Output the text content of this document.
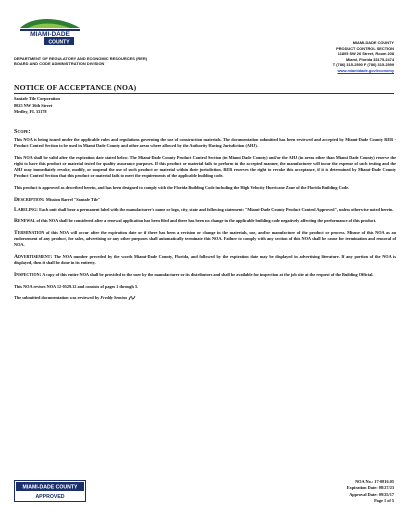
MIAMI-DADE
COUNTY
DEPARTMENT OF REGULATORY AND ECONOMIC RESOURCES (RER)
BOARD AND CODE ADMINISTRATION DIVISION
MIAMI-DADE COUNTY
PRODUCT CONTROL SECTION
11805 SW 26 Street, Room 208
Miami, Florida 33175-2474
T (786) 315-2590 F (786) 315-2599
www.miamidade.gov/economy
NOTICE OF ACCEPTANCE (NOA)
Santafe Tile Corporation
8025 NW 36th Street
Medley, FL 33178
Scope:

This NOA is being issued under the applicable rules and regulations governing the use of construction materials. The documentation submitted has been reviewed and accepted by Miami-Dade County RER - Product Control Section to be used in Miami Dade County and other areas where allowed by the Authority Having Jurisdiction (AHJ).

This NOA shall be valid after the expiration date stated below. The Miami-Dade County Product Control Section (in Miami Dade County) and/or the AHJ (in areas other than Miami Dade County) reserve the right to have this product or material tested for quality assurance purposes. If this product or material fails to perform in the accepted manner, the manufacturer will incur the expense of such testing and the AHJ may immediately revoke, modify, or suspend the use of such product or material within their jurisdiction. RER reserves the right to revoke this acceptance, if it is determined by Miami-Dade County Product Control Section that this product or material fails to meet the requirements of the applicable building code.

This product is approved as described herein, and has been designed to comply with the Florida Building Code including the High Velocity Hurricane Zone of the Florida Building Code.

Description: Mission Barrel "Santafe Tile"

Labeling: Each unit shall bear a permanent label with the manufacturer's name or logo, city, state and following statement: "Miami-Dade County Product Control Approved", unless otherwise noted herein.

Renewal of this NOA shall be considered after a renewal application has been filed and there has been no change in the applicable building code negatively affecting the performance of this product.

Termination of this NOA will occur after the expiration date or if there has been a revision or change in the materials, use, and/or manufacture of the product or process. Misuse of this NOA as an endorsement of any product, for sales, advertising or any other purposes shall automatically terminate this NOA. Failure to comply with any section of this NOA shall be cause for termination and removal of NOA.

Advertisement: The NOA number preceded by the words Miami-Dade County, Florida, and followed by the expiration date may be displayed in advertising literature. If any portion of the NOA is displayed, then it shall be done in its entirety.

Inspection: A copy of this entire NOA shall be provided to the user by the manufacturer or its distributors and shall be available for inspection at the job site at the request of the Building Official.

This NOA revises NOA 12-0529.12 and consists of pages 1 through 5.
The submitted documentation was reviewed by Freddy Semino
MIAMI-DADE COUNTY
APPROVED
NOA No.: 17-0816.05
Expiration Date: 08/27/23
Approval Date: 09/25/17
Page 1 of 5
